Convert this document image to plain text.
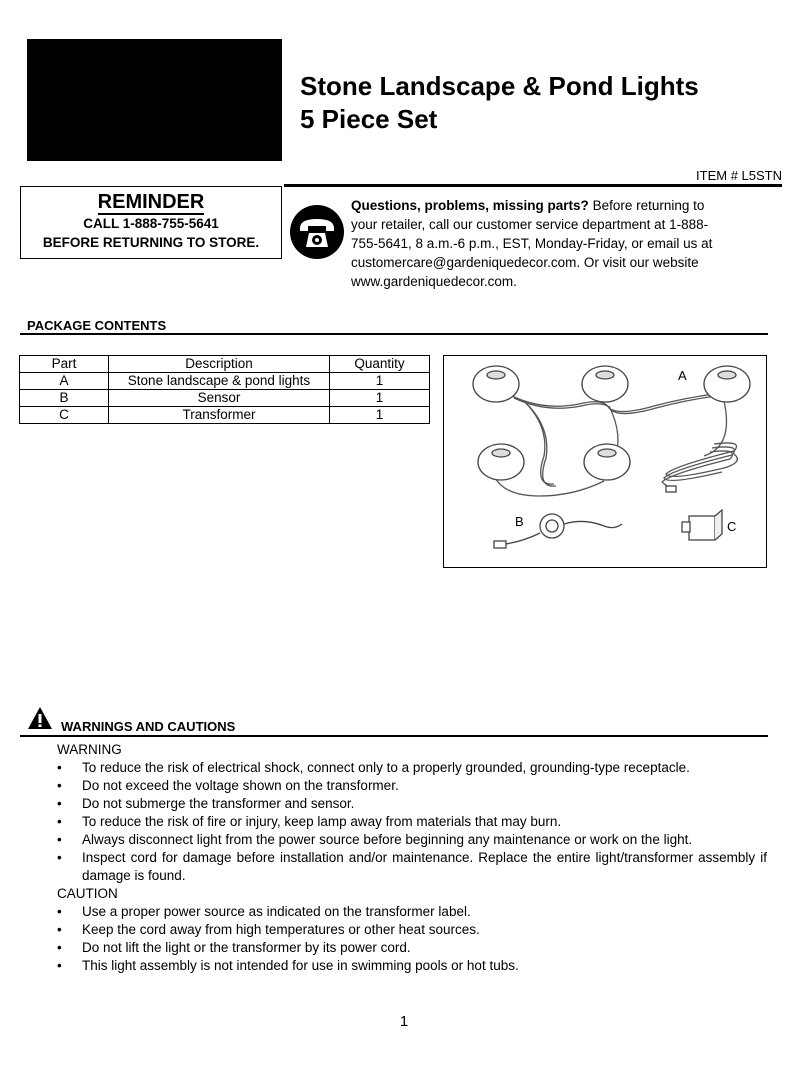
Stone Landscape & Pond Lights
5 Piece Set
ITEM # L5STN
REMINDER
CALL 1-888-755-5641
BEFORE RETURNING TO STORE.
Questions, problems, missing parts? Before returning to your retailer, call our customer service department at 1-888-755-5641, 8 a.m.-6 p.m., EST, Monday-Friday, or email us at customercare@gardeniquedecor.com. Or visit our website www.gardeniquedecor.com.
PACKAGE CONTENTS
Part	Description	Quantity
A	Stone landscape & pond lights	1
B	Sensor	1
C	Transformer	1
A
B	C
WARNINGS AND CAUTIONS
WARNING
• To reduce the risk of electrical shock, connect only to a properly grounded, grounding-type receptacle.
• Do not exceed the voltage shown on the transformer.
• Do not submerge the transformer and sensor.
• To reduce the risk of fire or injury, keep lamp away from materials that may burn.
• Always disconnect light from the power source before beginning any maintenance or work on the light.
• Inspect cord for damage before installation and/or maintenance. Replace the entire light/transformer assembly if damage is found.
CAUTION
• Use a proper power source as indicated on the transformer label.
• Keep the cord away from high temperatures or other heat sources.
• Do not lift the light or the transformer by its power cord.
• This light assembly is not intended for use in swimming pools or hot tubs.
1
